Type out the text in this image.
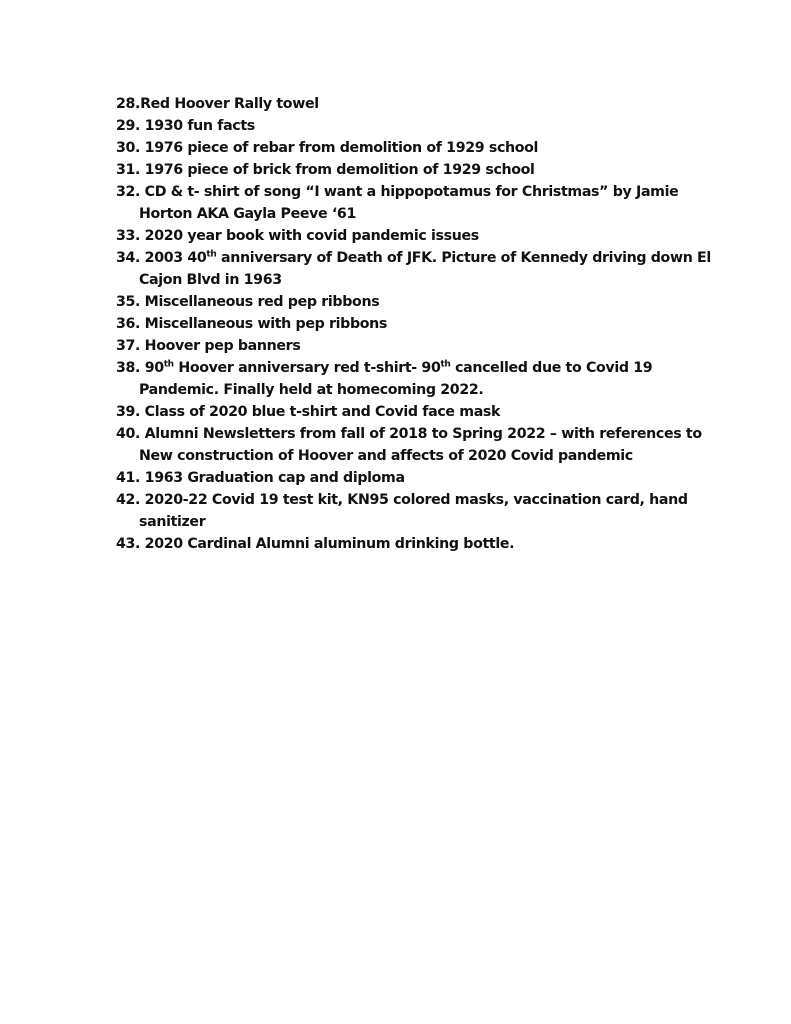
28.Red Hoover Rally towel
29. 1930 fun facts
30. 1976 piece of rebar from demolition of 1929 school
31. 1976 piece of brick from demolition of 1929 school
32. CD & t- shirt of song “I want a hippopotamus for Christmas” by Jamie
Horton AKA Gayla Peeve ‘61
33. 2020 year book with covid pandemic issues
34. 2003 40th anniversary of Death of JFK. Picture of Kennedy driving down El
Cajon Blvd in 1963
35. Miscellaneous red pep ribbons
36. Miscellaneous with pep ribbons
37. Hoover pep banners
38. 90th Hoover anniversary red t-shirt- 90th cancelled due to Covid 19
Pandemic. Finally held at homecoming 2022.
39. Class of 2020 blue t-shirt and Covid face mask
40. Alumni Newsletters from fall of 2018 to Spring 2022 – with references to
New construction of Hoover and affects of 2020 Covid pandemic
41. 1963 Graduation cap and diploma
42. 2020-22 Covid 19 test kit, KN95 colored masks, vaccination card, hand
sanitizer
43. 2020 Cardinal Alumni aluminum drinking bottle.
